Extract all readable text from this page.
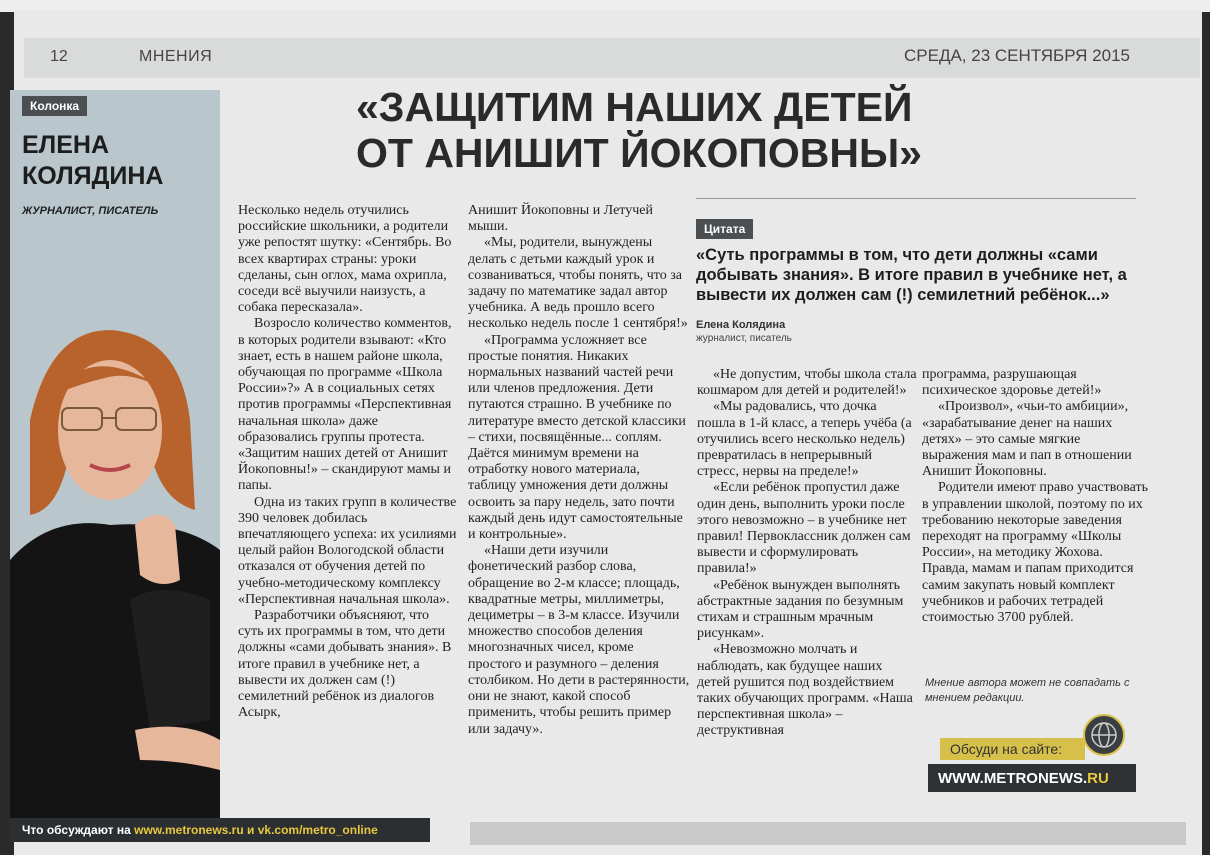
12	МНЕНИЯ	СРЕДА, 23 СЕНТЯБРЯ 2015
Колонка
ЕЛЕНА
КОЛЯДИНА
ЖУРНАЛИСТ, ПИСАТЕЛЬ
«ЗАЩИТИМ НАШИХ ДЕТЕЙ
ОТ АНИШИТ ЙОКОПОВНЫ»
Цитата
«Суть программы в том, что дети должны «сами добывать знания». В итоге правил в учебнике нет, а вывести их должен сам (!) семилетний ребёнок...»
Елена Колядина
журналист, писатель

Несколько недель отучились российские школьники, а родители уже репостят шутку: «Сентябрь. Во всех квартирах страны: уроки сделаны, сын оглох, мама охрипла, соседи всё выучили наизусть, а собака пересказала».

Возросло количество комментов, в которых родители взывают: «Кто знает, есть в нашем районе школа, обучающая по программе «Школа России»?» А в социальных сетях против программы «Перспективная начальная школа» даже образовались группы протеста. «Защитим наших детей от Анишит Йокоповны!» – скандируют мамы и папы.

Одна из таких групп в количестве 390 человек добилась впечатляющего успеха: их усилиями целый район Вологодской области отказался от обучения детей по учебно-методическому комплексу «Перспективная начальная школа».

Разработчики объясняют, что суть их программы в том, что дети должны «сами добывать знания». В итоге правил в учебнике нет, а вывести их должен сам (!) семилетний ребёнок из диалогов Асырк,

Анишит Йокоповны и Летучей мыши.

«Мы, родители, вынуждены делать с детьми каждый урок и созваниваться, чтобы понять, что за задачу по математике задал автор учебника. А ведь прошло всего несколько недель после 1 сентября!»

«Программа усложняет все простые понятия. Никаких нормальных названий частей речи или членов предложения. Дети путаются страшно. В учебнике по литературе вместо детской классики – стихи, посвящённые... соплям. Даётся минимум времени на отработку нового материала, таблицу умножения дети должны освоить за пару недель, зато почти каждый день идут самостоятельные и контрольные».

«Наши дети изучили фонетический разбор слова, обращение во 2-м классе; площадь, квадратные метры, миллиметры, дециметры – в 3-м классе. Изучили множество способов деления многозначных чисел, кроме простого и разумного – деления столбиком. Но дети в растерянности, они не знают, какой способ применить, чтобы решить пример или задачу».

«Не допустим, чтобы школа стала кошмаром для детей и родителей!»

«Мы радовались, что дочка пошла в 1-й класс, а теперь учёба (а отучились всего несколько недель) превратилась в непрерывный стресс, нервы на пределе!»

«Если ребёнок пропустил даже один день, выполнить уроки после этого невозможно – в учебнике нет правил! Первоклассник должен сам вывести и сформулировать правила!»

«Ребёнок вынужден выполнять абстрактные задания по безумным стихам и страшным мрачным рисункам».

«Невозможно молчать и наблюдать, как будущее наших детей рушится под воздействием таких обучающих программ. «Наша перспективная школа» – деструктивная

программа, разрушающая психическое здоровье детей!»

«Произвол», «чьи-то амбиции», «зарабатывание денег на наших детях» – это самые мягкие выражения мам и пап в отношении Анишит Йокоповны.

Родители имеют право участвовать в управлении школой, поэтому по их требованию некоторые заведения переходят на программу «Школы России», на методику Жохова. Правда, мамам и папам приходится самим закупать новый комплект учебников и рабочих тетрадей стоимостью 3700 рублей.

Мнение автора может не совпадать с мнением редакции.
Обсуди на сайте:
WWW.METRONEWS.RU
Что обсуждают на www.metronews.ru и vk.com/metro_online
